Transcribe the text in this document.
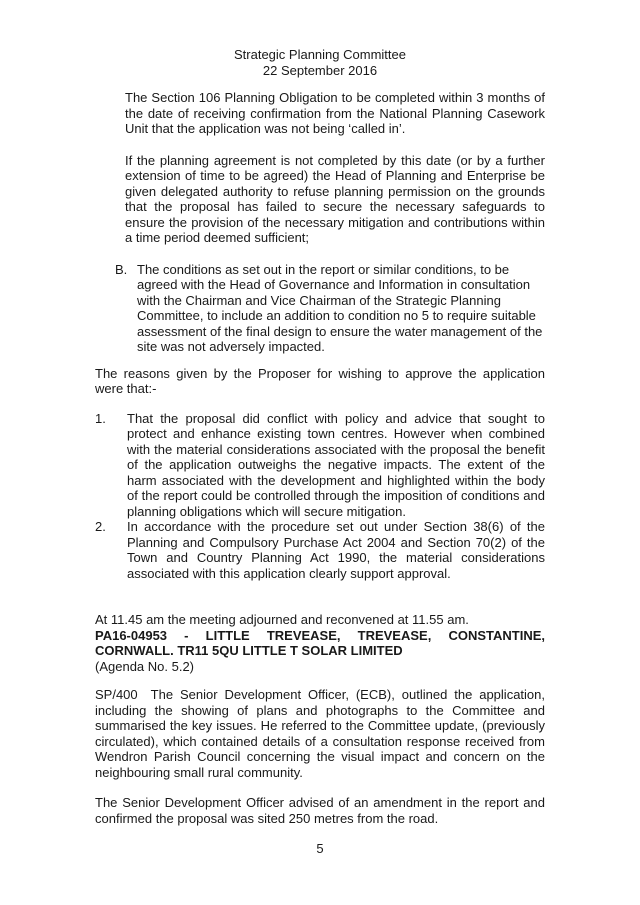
Strategic Planning Committee
22 September 2016

The Section 106 Planning Obligation to be completed within 3 months of the date of receiving confirmation from the National Planning Casework Unit that the application was not being ‘called in’.

If the planning agreement is not completed by this date (or by a further extension of time to be agreed) the Head of Planning and Enterprise be given delegated authority to refuse planning permission on the grounds that the proposal has failed to secure the necessary safeguards to ensure the provision of the necessary mitigation and contributions within a time period deemed sufficient;

B. The conditions as set out in the report or similar conditions, to be agreed with the Head of Governance and Information in consultation with the Chairman and Vice Chairman of the Strategic Planning Committee, to include an addition to condition no 5 to require suitable assessment of the final design to ensure the water management of the site was not adversely impacted.

The reasons given by the Proposer for wishing to approve the application were that:-

1.	That the proposal did conflict with policy and advice that sought to protect and enhance existing town centres. However when combined with the material considerations associated with the proposal the benefit of the application outweighs the negative impacts. The extent of the harm associated with the development and highlighted within the body of the report could be controlled through the imposition of conditions and planning obligations which will secure mitigation.
2.	In accordance with the procedure set out under Section 38(6) of the Planning and Compulsory Purchase Act 2004 and Section 70(2) of the Town and Country Planning Act 1990, the material considerations associated with this application clearly support approval.
At 11.45 am the meeting adjourned and reconvened at 11.55 am.
PA16-04953 - LITTLE TREVEASE, TREVEASE, CONSTANTINE, CORNWALL. TR11 5QU LITTLE T SOLAR LIMITED
(Agenda No. 5.2)

SP/400 The Senior Development Officer, (ECB), outlined the application, including the showing of plans and photographs to the Committee and summarised the key issues. He referred to the Committee update, (previously circulated), which contained details of a consultation response received from Wendron Parish Council concerning the visual impact and concern on the neighbouring small rural community.

The Senior Development Officer advised of an amendment in the report and confirmed the proposal was sited 250 metres from the road.

5
